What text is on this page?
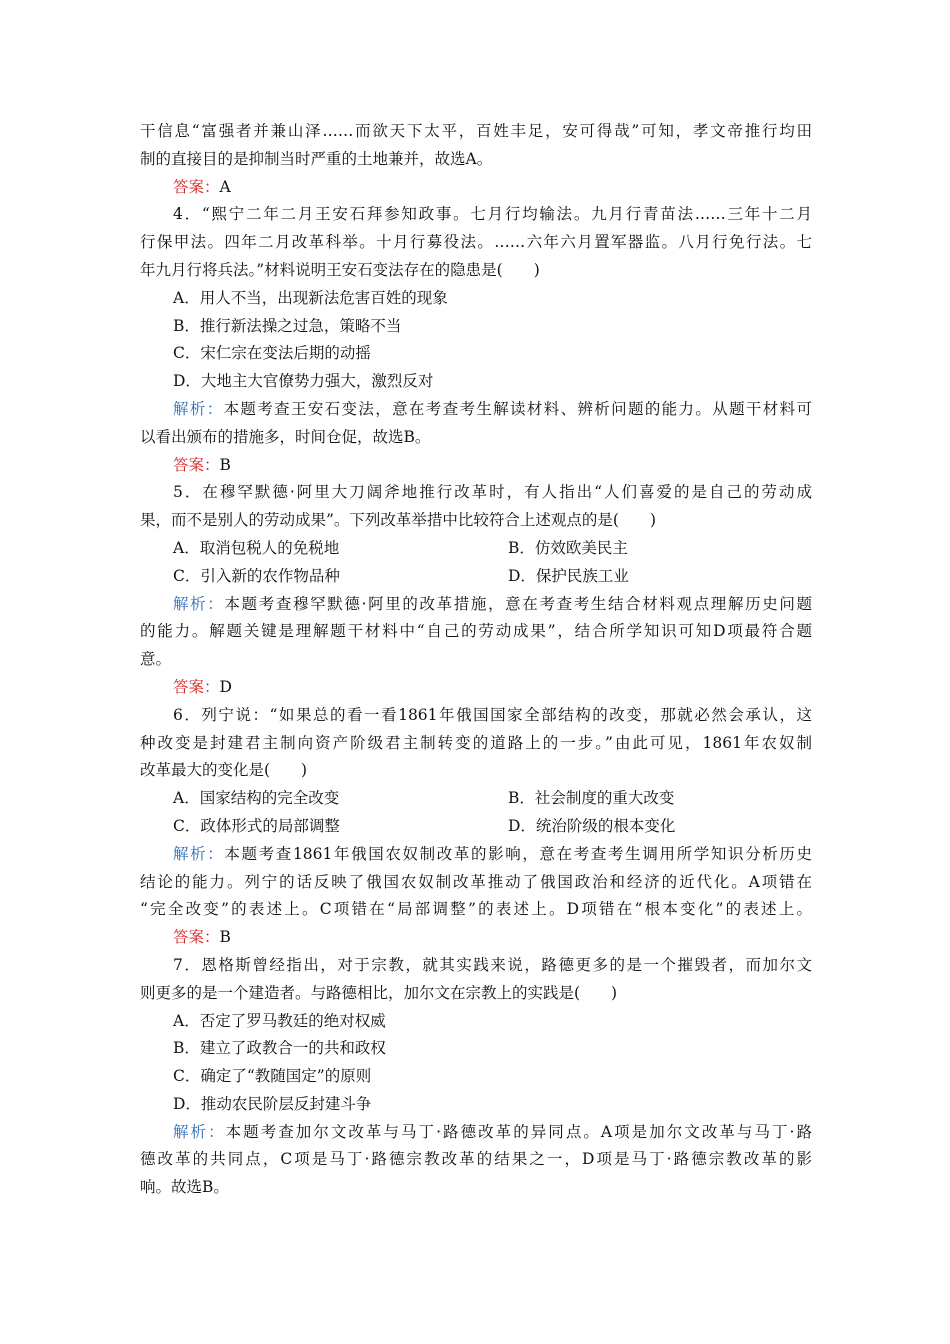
干信息“富强者并兼山泽……而欲天下太平，百姓丰足，安可得哉”可知，孝文帝推行均田
制的直接目的是抑制当时严重的土地兼并，故选A。
答案：A
4．“熙宁二年二月王安石拜参知政事。七月行均输法。九月行青苗法……三年十二月
行保甲法。四年二月改革科举。十月行募役法。……六年六月置军器监。八月行免行法。七
年九月行将兵法。”材料说明王安石变法存在的隐患是(　　)
A．用人不当，出现新法危害百姓的现象
B．推行新法操之过急，策略不当
C．宋仁宗在变法后期的动摇
D．大地主大官僚势力强大，激烈反对
解析：本题考查王安石变法，意在考查考生解读材料、辨析问题的能力。从题干材料可
以看出颁布的措施多，时间仓促，故选B。
答案：B
5．在穆罕默德·阿里大刀阔斧地推行改革时，有人指出“人们喜爱的是自己的劳动成
果，而不是别人的劳动成果”。下列改革举措中比较符合上述观点的是(　　)
A．取消包税人的免税地	B．仿效欧美民主
C．引入新的农作物品种	D．保护民族工业
解析：本题考查穆罕默德·阿里的改革措施，意在考查考生结合材料观点理解历史问题
的能力。解题关键是理解题干材料中“自己的劳动成果”，结合所学知识可知D项最符合题
意。
答案：D
6．列宁说：“如果总的看一看1861年俄国国家全部结构的改变，那就必然会承认，这
种改变是封建君主制向资产阶级君主制转变的道路上的一步。”由此可见，1861年农奴制
改革最大的变化是(　　)
A．国家结构的完全改变	B．社会制度的重大改变
C．政体形式的局部调整	D．统治阶级的根本变化
解析：本题考查1861年俄国农奴制改革的影响，意在考查考生调用所学知识分析历史
结论的能力。列宁的话反映了俄国农奴制改革推动了俄国政治和经济的近代化。A项错在
“完全改变”的表述上。C项错在“局部调整”的表述上。D项错在“根本变化”的表述上。
答案：B
7．恩格斯曾经指出，对于宗教，就其实践来说，路德更多的是一个摧毁者，而加尔文
则更多的是一个建造者。与路德相比，加尔文在宗教上的实践是(　　)
A．否定了罗马教廷的绝对权威
B．建立了政教合一的共和政权
C．确定了“教随国定”的原则
D．推动农民阶层反封建斗争
解析：本题考查加尔文改革与马丁·路德改革的异同点。A项是加尔文改革与马丁·路
德改革的共同点，C项是马丁·路德宗教改革的结果之一，D项是马丁·路德宗教改革的影
响。故选B。
